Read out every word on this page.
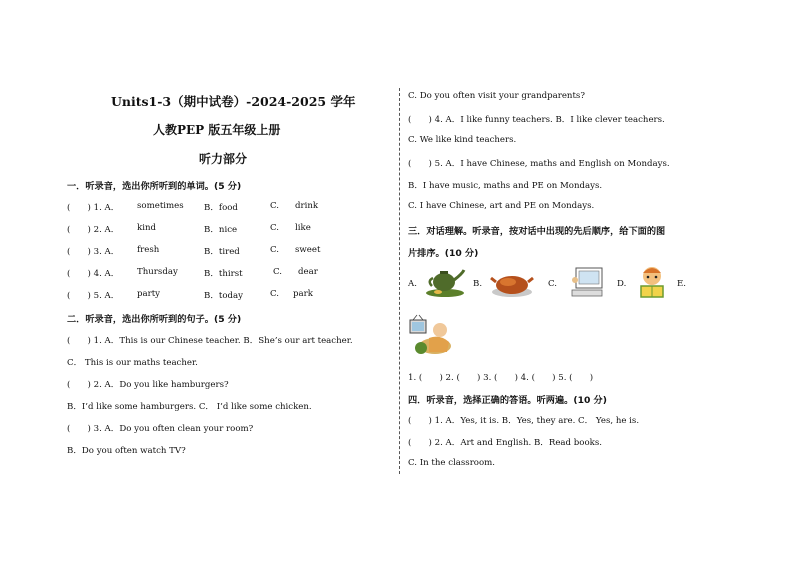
Units1-3（期中试卷）-2024-2025 学年
人教PEP 版五年级上册
听力部分
一．听录音，选出你所听到的单词。(5 分)
(　　) 1. A． sometimes B．food	C. drink
(　　) 2. A． kind	B．nice	C. like
(　　) 3. A． fresh	B．tired	C. sweet
(　　) 4. A． Thursday	B．thirst	C. dear
(　　) 5. A． party	B．today	C. park
二．听录音，选出你所听到的句子。(5 分)
(　　) 1. A．This is our Chinese teacher. B．She’s our art teacher.
C． This is our maths teacher.
(　　) 2. A．Do you like hamburgers?
B．I’d like some hamburgers. C． I’d like some chicken.
(　　) 3. A．Do you often clean your room?
B．Do you often watch TV?
C. Do you often visit your grandparents?
(　　) 4. A．I like funny teachers. B．I like clever teachers.
C. We like kind teachers.
(　　) 5. A．I have Chinese, maths and English on Mondays.
B．I have music, maths and PE on Mondays.
C. I have Chinese, art and PE on Mondays.
三．对话理解。听录音，按对话中出现的先后顺序，给下面的图
片排序。(10 分)
A.	B.	C.	D.	E.
1. (　　) 2. (　　) 3. (　　) 4. (　　) 5. (　　)
四．听录音，选择正确的答语。听两遍。(10 分)
(　　) 1. A．Yes, it is. B．Yes, they are. C． Yes, he is.
(　　) 2. A．Art and English. B．Read books.
C. In the classroom.
